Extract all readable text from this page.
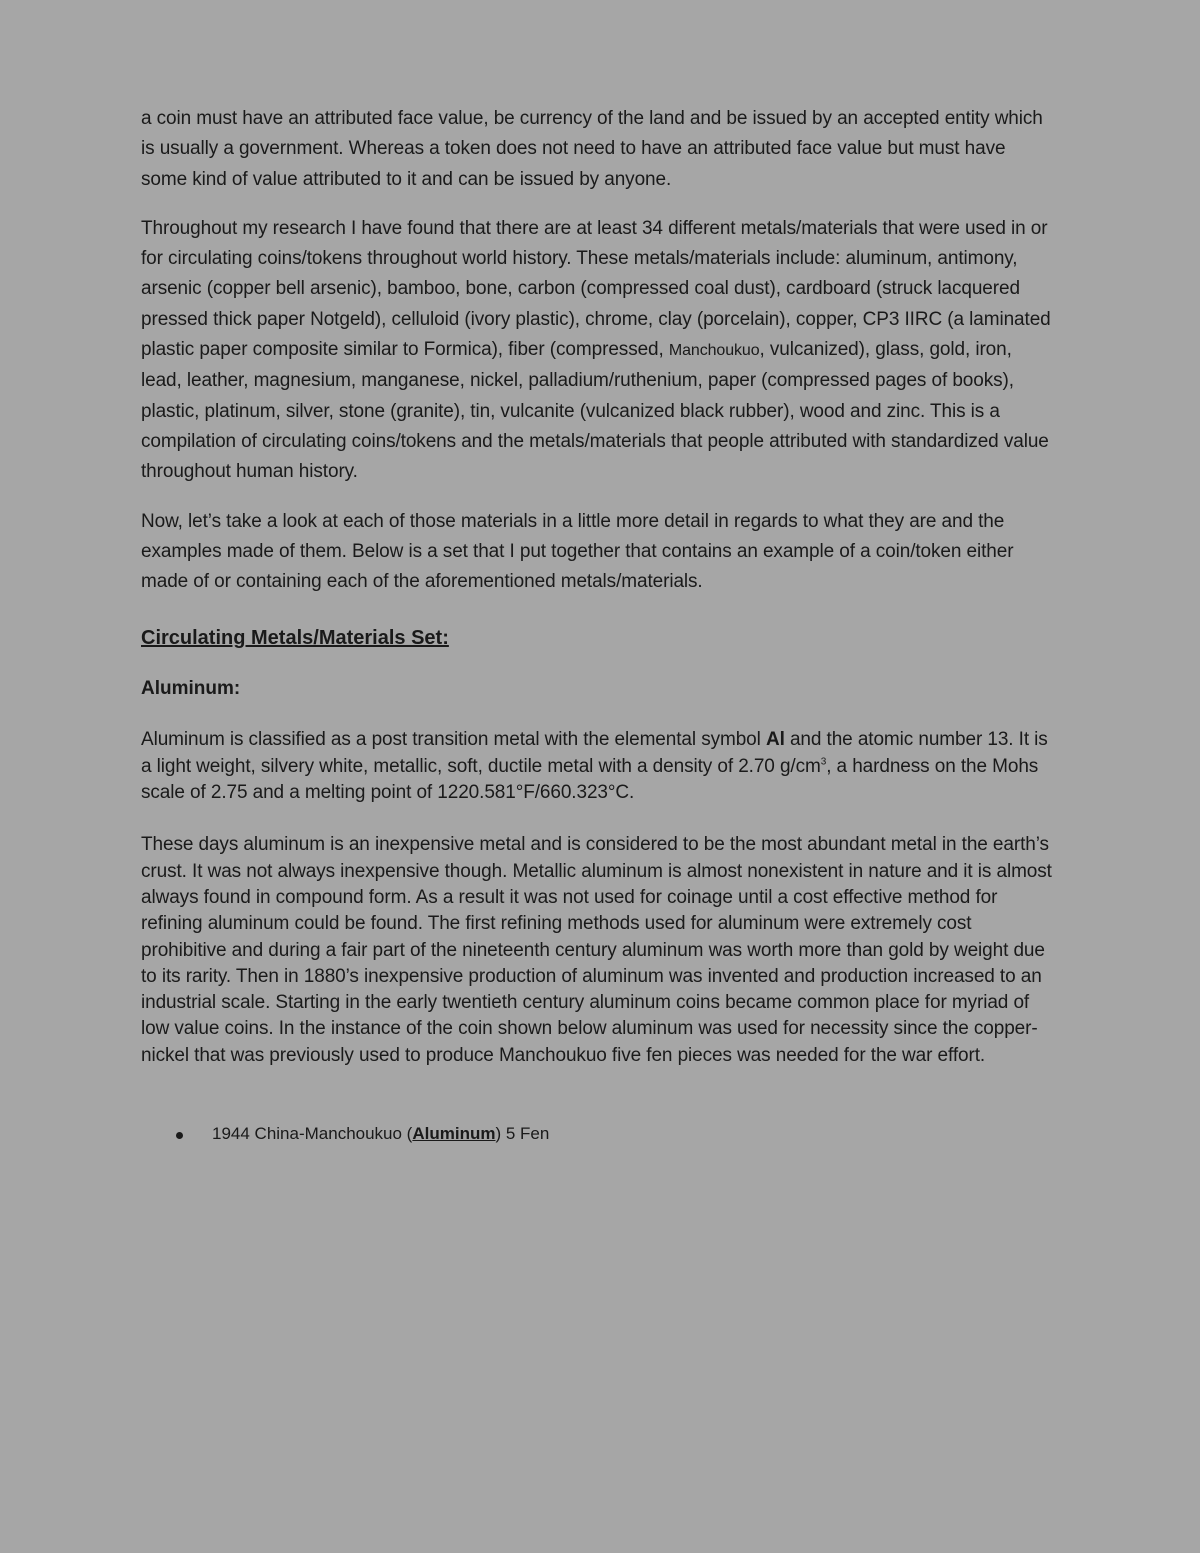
a coin must have an attributed face value, be currency of the land and be issued by an accepted entity which is usually a government. Whereas a token does not need to have an attributed face value but must have some kind of value attributed to it and can be issued by anyone.

Throughout my research I have found that there are at least 34 different metals/materials that were used in or for circulating coins/tokens throughout world history. These metals/materials include: aluminum, antimony, arsenic (copper bell arsenic), bamboo, bone, carbon (compressed coal dust), cardboard (struck lacquered pressed thick paper Notgeld), celluloid (ivory plastic), chrome, clay (porcelain), copper, CP3 IIRC (a laminated plastic paper composite similar to Formica), fiber (compressed, Manchoukuo, vulcanized), glass, gold, iron, lead, leather, magnesium, manganese, nickel, palladium/ruthenium, paper (compressed pages of books), plastic, platinum, silver, stone (granite), tin, vulcanite (vulcanized black rubber), wood and zinc. This is a compilation of circulating coins/tokens and the metals/materials that people attributed with standardized value throughout human history.

Now, let’s take a look at each of those materials in a little more detail in regards to what they are and the examples made of them. Below is a set that I put together that contains an example of a coin/token either made of or containing each of the aforementioned metals/materials.

Circulating Metals/Materials Set:
Aluminum:

Aluminum is classified as a post transition metal with the elemental symbol Al and the atomic number 13. It is a light weight, silvery white, metallic, soft, ductile metal with a density of 2.70 $g/cm^3$, a hardness on the Mohs scale of 2.75 and a melting point of 1220.581°F/660.323°C.

These days aluminum is an inexpensive metal and is considered to be the most abundant metal in the earth’s crust. It was not always inexpensive though. Metallic aluminum is almost nonexistent in nature and it is almost always found in compound form. As a result it was not used for coinage until a cost effective method for refining aluminum could be found. The first refining methods used for aluminum were extremely cost prohibitive and during a fair part of the nineteenth century aluminum was worth more than gold by weight due to its rarity. Then in 1880’s inexpensive production of aluminum was invented and production increased to an industrial scale. Starting in the early twentieth century aluminum coins became common place for myriad of low value coins. In the instance of the coin shown below aluminum was used for necessity since the copper-nickel that was previously used to produce Manchoukuo five fen pieces was needed for the war effort.

1944 China-Manchoukuo (Aluminum) 5 Fen
